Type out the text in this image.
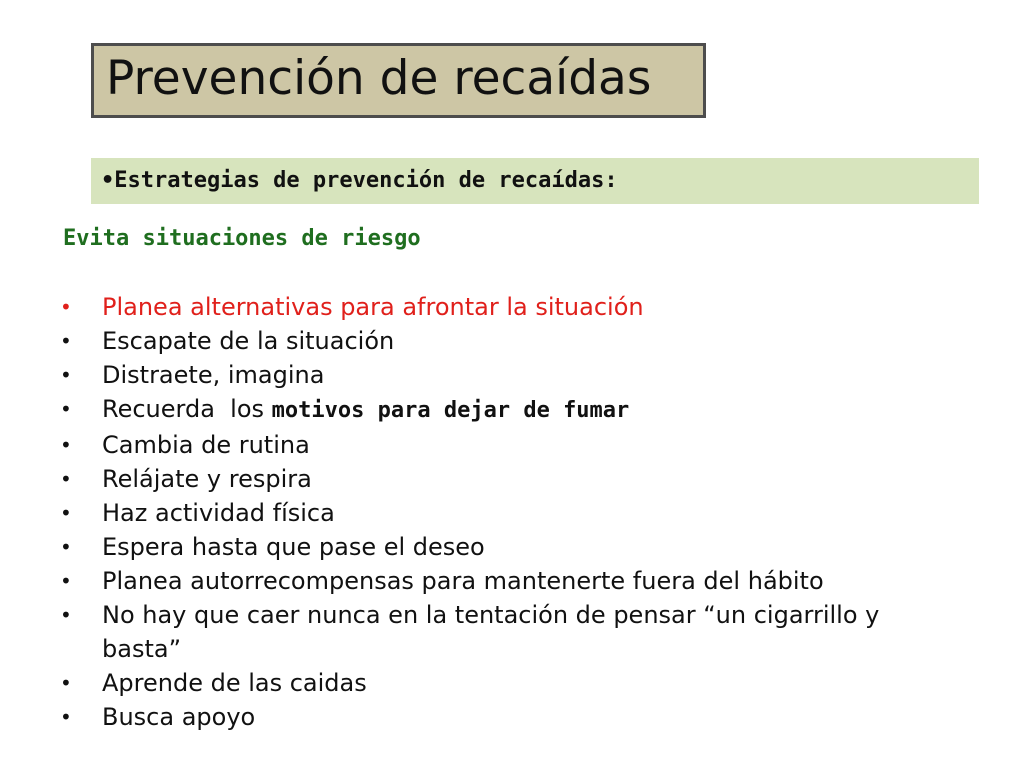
Prevención de recaídas
•Estrategias de prevención de recaídas:
Evita situaciones de riesgo
• Planea alternativas para afrontar la situación
• Escapate de la situación
• Distraete, imagina
• Recuerda  los motivos para dejar de fumar
• Cambia de rutina
• Relájate y respira
• Haz actividad física
• Espera hasta que pase el deseo
• Planea autorrecompensas para mantenerte fuera del hábito
• No hay que caer nunca en la tentación de pensar “un cigarrillo y basta”
• Aprende de las caidas
• Busca apoyo
